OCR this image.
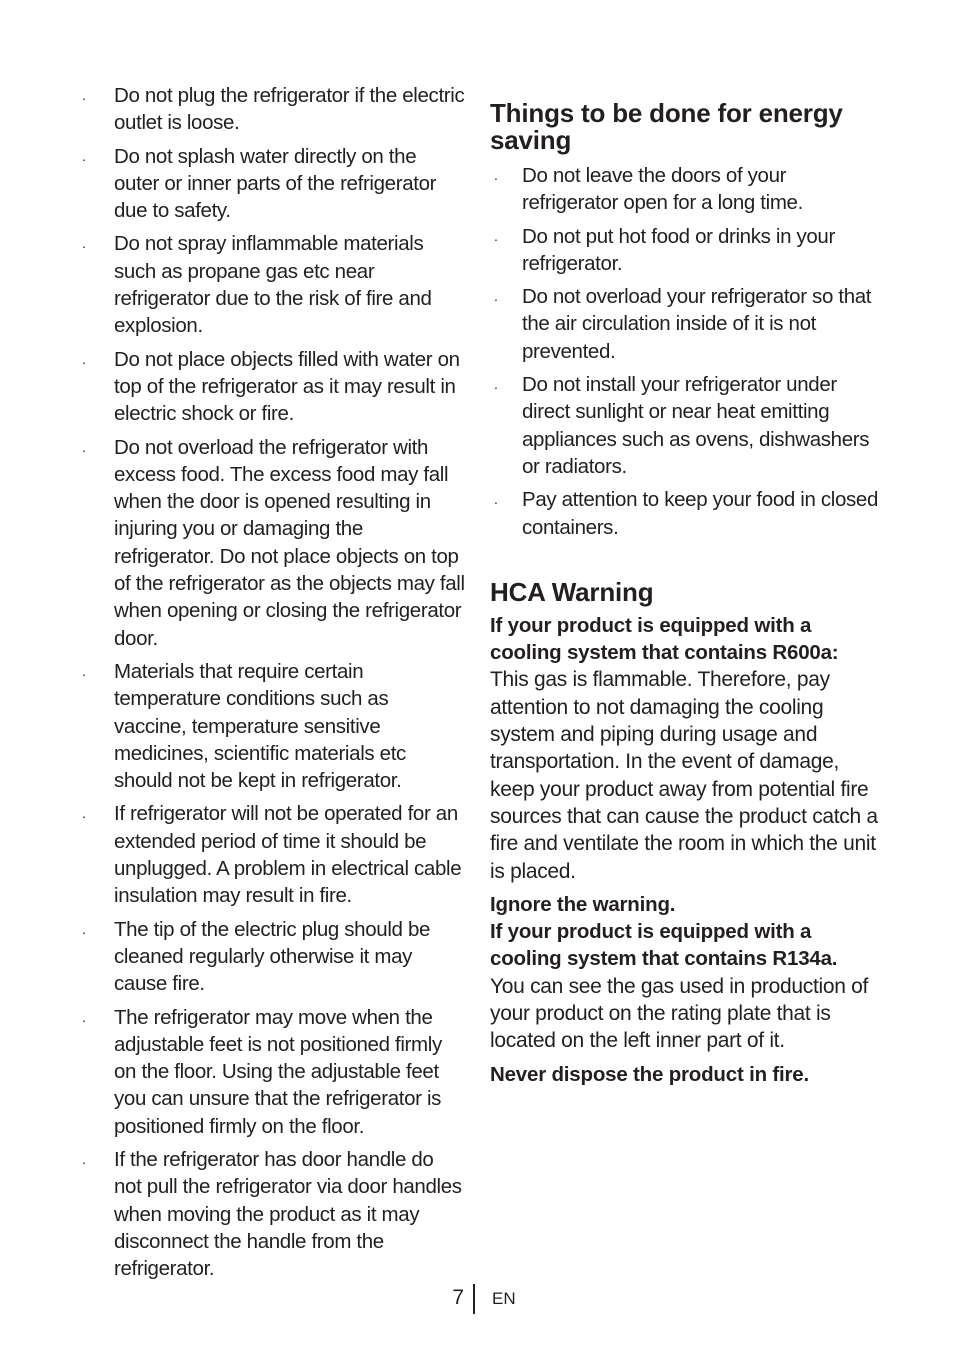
. Do not plug the refrigerator if the electric outlet is loose.
. Do not splash water directly on the outer or inner parts of the refrigerator due to safety.
. Do not spray inflammable materials such as propane gas etc near refrigerator due to the risk of fire and explosion.
. Do not place objects filled with water on top of the refrigerator as it may result in electric shock or fire.
. Do not overload the refrigerator with excess food. The excess food may fall when the door is opened resulting in injuring you or damaging the refrigerator. Do not place objects on top of the refrigerator as the objects may fall when opening or closing the refrigerator door.
. Materials that require certain temperature conditions such as vaccine, temperature sensitive medicines, scientific materials etc should not be kept in refrigerator.
. If refrigerator will not be operated for an extended period of time it should be unplugged. A problem in electrical cable insulation may result in fire.
. The tip of the electric plug should be cleaned regularly otherwise it may cause fire.
. The refrigerator may move when the adjustable feet is not positioned firmly on the floor. Using the adjustable feet you can unsure that the refrigerator is positioned firmly on the floor.
. If the refrigerator has door handle do not pull the refrigerator via door handles when moving the product as it may disconnect the handle from the refrigerator.
Things to be done for energy saving
. Do not leave the doors of your refrigerator open for a long time.
. Do not put hot food or drinks in your refrigerator.
. Do not overload your refrigerator so that the air circulation inside of it is not prevented.
. Do not install your refrigerator under direct sunlight or near heat emitting appliances such as ovens, dishwashers or radiators.
. Pay attention to keep your food in closed containers.
HCA Warning
If your product is equipped with a cooling system that contains R600a:
This gas is flammable. Therefore, pay attention to not damaging the cooling system and piping during usage and transportation. In the event of damage, keep your product away from potential fire sources that can cause the product catch a fire and ventilate the room in which the unit is placed.
Ignore the warning.
If your product is equipped with a cooling system that contains R134a.
You can see the gas used in production of your product on the rating plate that is located on the left inner part of it.
Never dispose the product in fire.
7 EN
